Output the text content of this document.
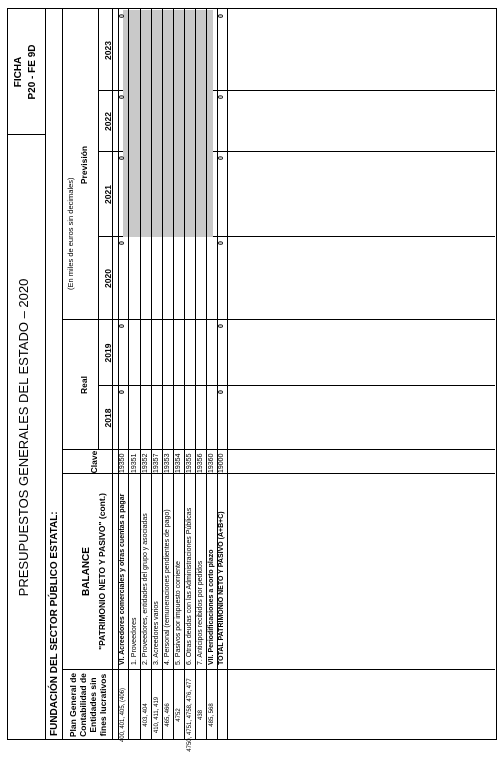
PRESUPUESTOS GENERALES DEL ESTADO – 2020
FICHA P20 - FE 9D
FUNDACIÓN DEL SECTOR PÚBLICO ESTATAL:
(En miles de euros sin decimales)
Plan General de Contabilidad de Entidades sin fines lucrativos
BALANCE "PATRIMONIO NETO Y PASIVO" (cont.)
Clave
Real
Previsión
2018
2019
2020
2021
2022
2023
400, 401, 405, (406)
VI. Acreedores comerciales y otras cuentas a pagar
19350
0
0
0
0
0
0
1. Proveedores
19351
403, 404
2. Proveedores, entidades del grupo y asociadas
19352
410, 411, 419
3. Acreedores varios
19357
465, 466
4. Personal (remuneraciones pendientes de pago)
19353
4752
5. Pasivos por impuesto corriente
19354
4750, 4751, 4758, 476, 477
6. Otras deudas con las Administraciones Públicas
19355
438
7. Anticipos recibidos por pedidos
19356
485, 568
VII. Periodificaciones a corto plazo
19360
TOTAL PATRIMONIO NETO Y PASIVO (A+B+C)
19000
0
0
0
0
0
0
